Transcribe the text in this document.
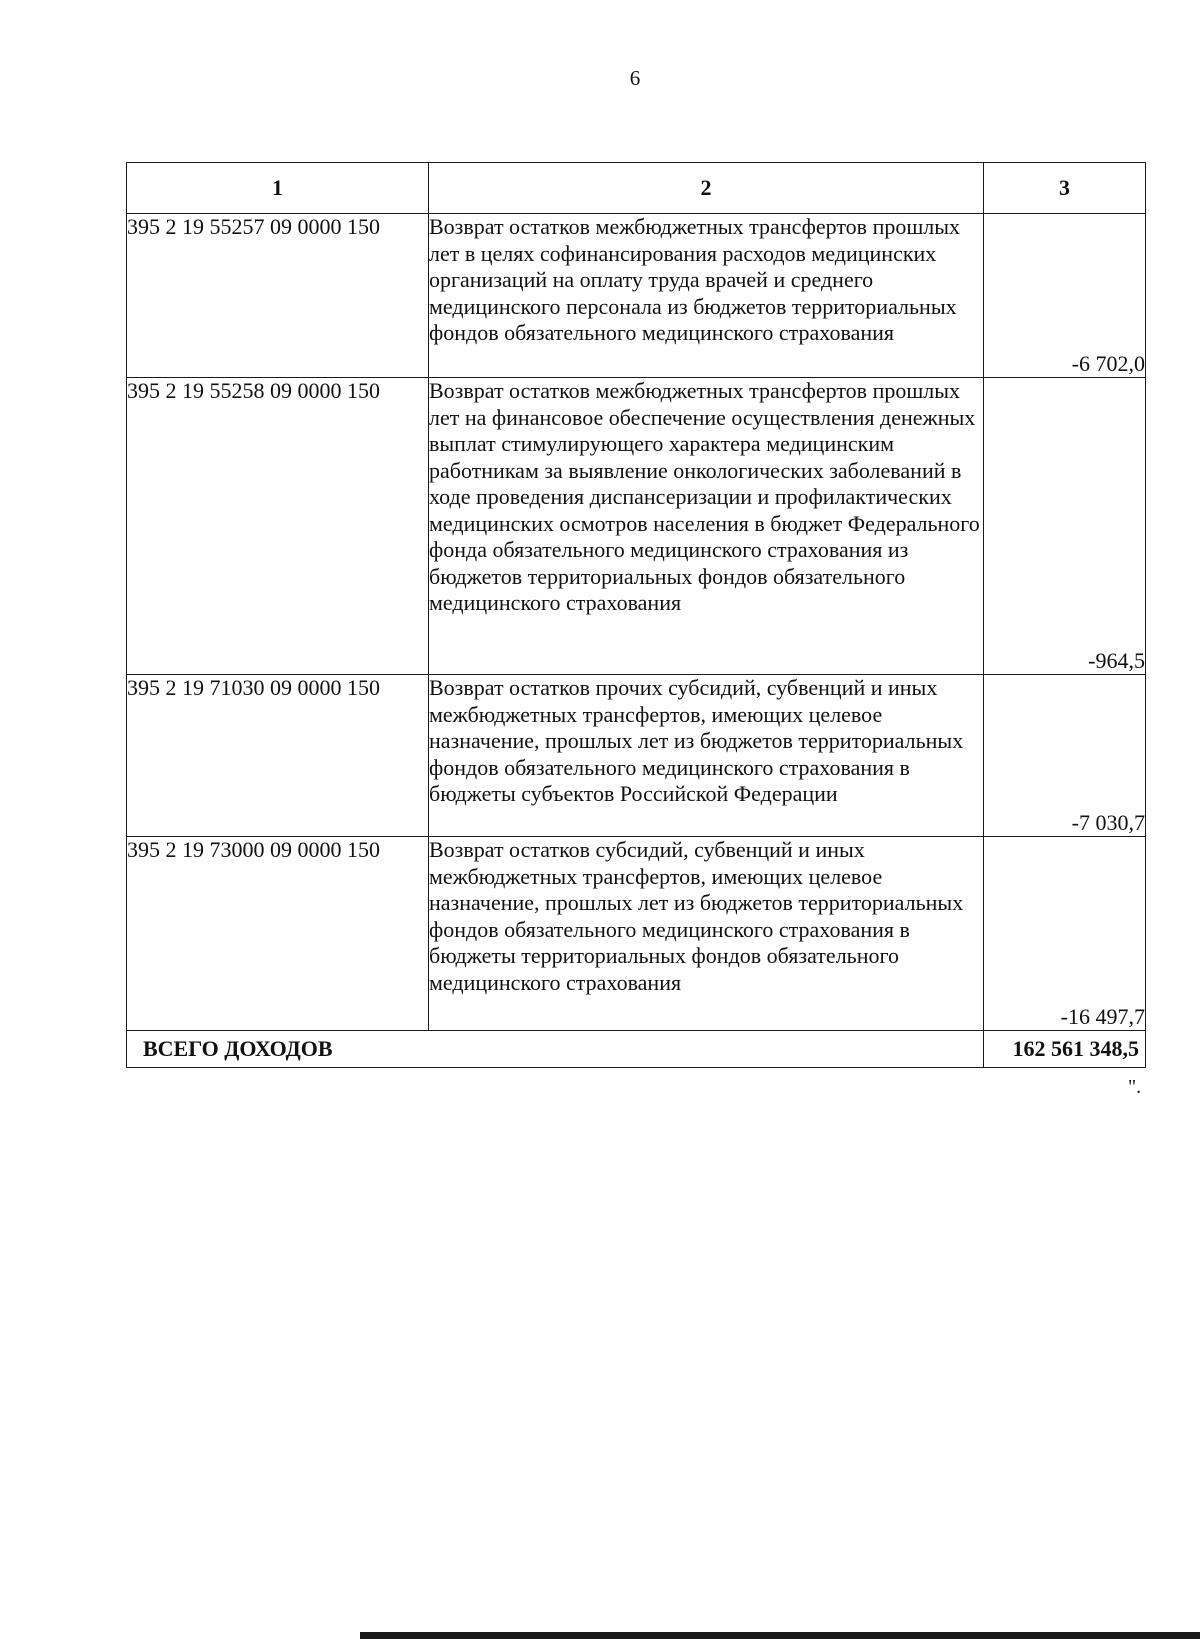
6
1	2	3
395 2 19 55257 09 0000 150	Возврат остатков межбюджетных трансфертов прошлых лет в целях софинансирования расходов медицинских организаций на оплату труда врачей и среднего медицинского персонала из бюджетов территориальных фондов обязательного медицинского страхования	-6 702,0
395 2 19 55258 09 0000 150	Возврат остатков межбюджетных трансфертов прошлых лет на финансовое обеспечение осуществления денежных выплат стимулирующего характера медицинским работникам за выявление онкологических заболеваний в ходе проведения диспансеризации и профилактических медицинских осмотров населения в бюджет Федерального фонда обязательного медицинского страхования из бюджетов территориальных фондов обязательного медицинского страхования	-964,5
395 2 19 71030 09 0000 150	Возврат остатков прочих субсидий, субвенций и иных межбюджетных трансфертов, имеющих целевое назначение, прошлых лет из бюджетов территориальных фондов обязательного медицинского страхования в бюджеты субъектов Российской Федерации	-7 030,7
395 2 19 73000 09 0000 150	Возврат остатков субсидий, субвенций и иных межбюджетных трансфертов, имеющих целевое назначение, прошлых лет из бюджетов территориальных фондов обязательного медицинского страхования в бюджеты территориальных фондов обязательного медицинского страхования	-16 497,7
ВСЕГО ДОХОДОВ		162 561 348,5
".
